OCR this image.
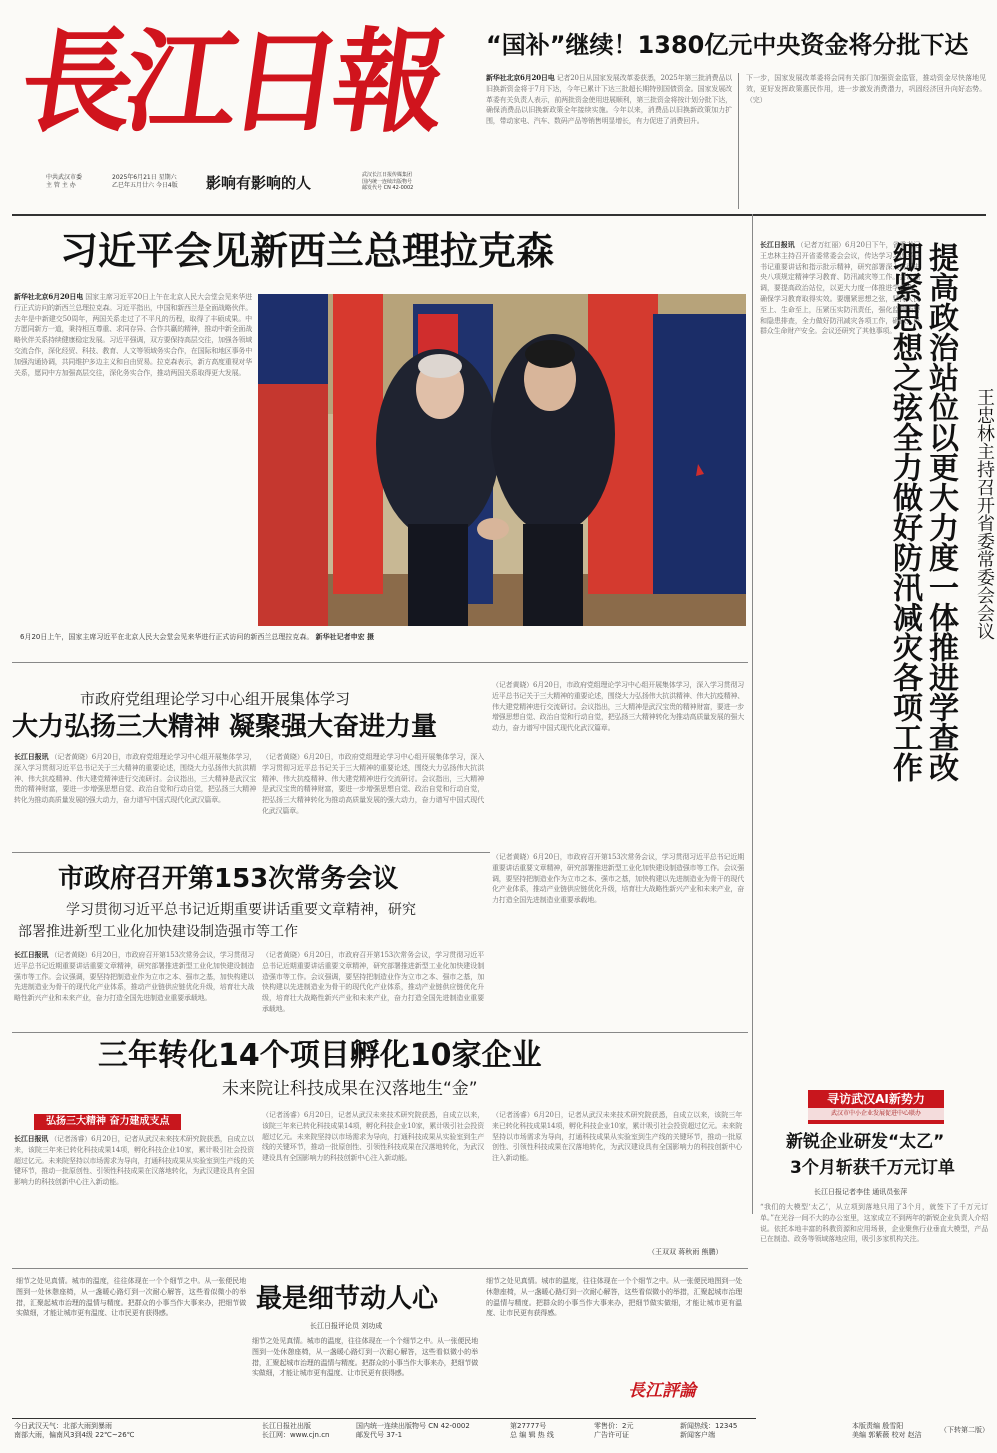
長江日報
中共武汉市委
主 管 主 办
2025年6月21日 星期六
乙巳年五月廿六 今日4版 影响有影响的人	武汉长江日报传媒集团
国内统一连续出版物号
邮发代号 CN 42-0002
“国补”继续！1380亿元中央资金将分批下达
新华社北京6月20日电 记者20日从国家发展改革委获悉，2025年第三批消费品以旧换新资金将于7月下达，今年已累计下达三批超长期特别国债资金。国家发展改革委有关负责人表示，前两批资金使用进展顺利，第三批资金将按计划分批下达，确保消费品以旧换新政策全年接续实施。今年以来，消费品以旧换新政策加力扩围，带动家电、汽车、数码产品等销售明显增长，有力促进了消费回升。
下一步，国家发展改革委将会同有关部门加强资金监管，推动资金尽快落地见效，更好发挥政策惠民作用，进一步激发消费潜力，巩固经济回升向好态势。（完）
习近平会见新西兰总理拉克森
新华社北京6月20日电 国家主席习近平20日上午在北京人民大会堂会见来华进行正式访问的新西兰总理拉克森。习近平指出，中国和新西兰是全面战略伙伴。去年是中新建交50周年，两国关系走过了不平凡的历程，取得了丰硕成果。中方愿同新方一道，秉持相互尊重、求同存异、合作共赢的精神，推动中新全面战略伙伴关系持续健康稳定发展。习近平强调，双方要保持高层交往，加强各领域交流合作，深化经贸、科技、教育、人文等领域务实合作，在国际和地区事务中加强沟通协调，共同维护多边主义和自由贸易。拉克森表示，新方高度重视对华关系，愿同中方加强高层交往，深化务实合作，推动两国关系取得更大发展。
6月20日上午，国家主席习近平在北京人民大会堂会见来华进行正式访问的新西兰总理拉克森。 新华社记者申宏 摄
长江日报讯 （记者万红丽）6月20日下午，省委书记王忠林主持召开省委常委会会议，传达学习习近平总书记重要讲话和指示批示精神，研究部署深入贯彻中央八项规定精神学习教育、防汛减灾等工作。会议强调，要提高政治站位，以更大力度一体推进学查改，确保学习教育取得实效。要绷紧思想之弦，坚持人民至上、生命至上，压紧压实防汛责任，强化监测预警和隐患排查，全力做好防汛减灾各项工作，确保人民群众生命财产安全。会议还研究了其他事项。 提高政治站位以更大力度一体推进学查改
绷紧思想之弦全力做好防汛减灾各项工作	王忠林主持召开省委常委会会议
市政府党组理论学习中心组开展集体学习
大力弘扬三大精神 凝聚强大奋进力量
长江日报讯 （记者黄晓）6月20日，市政府党组理论学习中心组开展集体学习，深入学习贯彻习近平总书记关于三大精神的重要论述，围绕大力弘扬伟大抗洪精神、伟大抗疫精神、伟大建党精神进行交流研讨。会议指出，三大精神是武汉宝贵的精神财富，要进一步增强思想自觉、政治自觉和行动自觉，把弘扬三大精神转化为推动高质量发展的强大动力，奋力谱写中国式现代化武汉篇章。
（记者黄晓）6月20日，市政府党组理论学习中心组开展集体学习，深入学习贯彻习近平总书记关于三大精神的重要论述，围绕大力弘扬伟大抗洪精神、伟大抗疫精神、伟大建党精神进行交流研讨。会议指出，三大精神是武汉宝贵的精神财富，要进一步增强思想自觉、政治自觉和行动自觉，把弘扬三大精神转化为推动高质量发展的强大动力，奋力谱写中国式现代化武汉篇章。
（记者黄晓）6月20日，市政府党组理论学习中心组开展集体学习，深入学习贯彻习近平总书记关于三大精神的重要论述，围绕大力弘扬伟大抗洪精神、伟大抗疫精神、伟大建党精神进行交流研讨。会议指出，三大精神是武汉宝贵的精神财富，要进一步增强思想自觉、政治自觉和行动自觉，把弘扬三大精神转化为推动高质量发展的强大动力，奋力谱写中国式现代化武汉篇章。
市政府召开第153次常务会议
学习贯彻习近平总书记近期重要讲话重要文章精神，研究
部署推进新型工业化加快建设制造强市等工作
长江日报讯 （记者黄晓）6月20日，市政府召开第153次常务会议，学习贯彻习近平总书记近期重要讲话重要文章精神，研究部署推进新型工业化加快建设制造强市等工作。会议强调，要坚持把制造业作为立市之本、强市之基，加快构建以先进制造业为骨干的现代化产业体系，推动产业链供应链优化升级，培育壮大战略性新兴产业和未来产业，奋力打造全国先进制造业重要承载地。
（记者黄晓）6月20日，市政府召开第153次常务会议，学习贯彻习近平总书记近期重要讲话重要文章精神，研究部署推进新型工业化加快建设制造强市等工作。会议强调，要坚持把制造业作为立市之本、强市之基，加快构建以先进制造业为骨干的现代化产业体系，推动产业链供应链优化升级，培育壮大战略性新兴产业和未来产业，奋力打造全国先进制造业重要承载地。
（记者黄晓）6月20日，市政府召开第153次常务会议，学习贯彻习近平总书记近期重要讲话重要文章精神，研究部署推进新型工业化加快建设制造强市等工作。会议强调，要坚持把制造业作为立市之本、强市之基，加快构建以先进制造业为骨干的现代化产业体系，推动产业链供应链优化升级，培育壮大战略性新兴产业和未来产业，奋力打造全国先进制造业重要承载地。
三年转化14个项目孵化10家企业
未来院让科技成果在汉落地生“金”
弘扬三大精神 奋力建成支点
长江日报讯 （记者汤睿）6月20日，记者从武汉未来技术研究院获悉，自成立以来，该院三年来已转化科技成果14项，孵化科技企业10家，累计吸引社会投资超过亿元。未来院坚持以市场需求为导向，打通科技成果从实验室到生产线的关键环节，推动一批原创性、引领性科技成果在汉落地转化，为武汉建设具有全国影响力的科技创新中心注入新动能。
（记者汤睿）6月20日，记者从武汉未来技术研究院获悉，自成立以来，该院三年来已转化科技成果14项，孵化科技企业10家，累计吸引社会投资超过亿元。未来院坚持以市场需求为导向，打通科技成果从实验室到生产线的关键环节，推动一批原创性、引领性科技成果在汉落地转化，为武汉建设具有全国影响力的科技创新中心注入新动能。
（记者汤睿）6月20日，记者从武汉未来技术研究院获悉，自成立以来，该院三年来已转化科技成果14项，孵化科技企业10家，累计吸引社会投资超过亿元。未来院坚持以市场需求为导向，打通科技成果从实验室到生产线的关键环节，推动一批原创性、引领性科技成果在汉落地转化，为武汉建设具有全国影响力的科技创新中心注入新动能。
（王双双 蒋秋雨 熊鹏）
寻访武汉AI新势力
武汉市中小企业发展促进中心联办
新锐企业研发“太乙”
3个月斩获千万元订单
长江日报记者李佳 通讯员张萍
“我们的大模型‘太乙’，从立项到落地只用了3个月，就签下了千万元订单。”在光谷一间不大的办公室里，这家成立不到两年的新锐企业负责人介绍说。依托本地丰富的科教资源和应用场景，企业聚焦行业垂直大模型，产品已在制造、政务等领域落地应用，吸引多家机构关注。
（下转第二版）
细节之处见真情。城市的温度，往往体现在一个个细节之中。从一张便民地图到一处休憩座椅，从一盏暖心路灯到一次耐心解答，这些看似微小的举措，汇聚起城市治理的温情与精度。把群众的小事当作大事来办，把细节做实做细，才能让城市更有温度、让市民更有获得感。	最是细节动人心
长江日报评论员 刘功成
细节之处见真情。城市的温度，往往体现在一个个细节之中。从一张便民地图到一处休憩座椅，从一盏暖心路灯到一次耐心解答，这些看似微小的举措，汇聚起城市治理的温情与精度。把群众的小事当作大事来办，把细节做实做细，才能让城市更有温度、让市民更有获得感。
细节之处见真情。城市的温度，往往体现在一个个细节之中。从一张便民地图到一处休憩座椅，从一盏暖心路灯到一次耐心解答，这些看似微小的举措，汇聚起城市治理的温情与精度。把群众的小事当作大事来办，把细节做实做细，才能让城市更有温度、让市民更有获得感。
長江評論
今日武汉天气：北部大雨到暴雨
南部大雨，偏南风3到4级 22℃~26℃
长江日报社出版
长江网：www.cjn.cn
国内统一连续出版物号 CN 42-0002
邮发代号 37-1
第27777号
总 编 辑 热 线
零售价：2元
广告许可证
新闻热线：12345
新闻客户端
本版责编 殷雪阳
美编 郭紫薇 校对 赵洁
